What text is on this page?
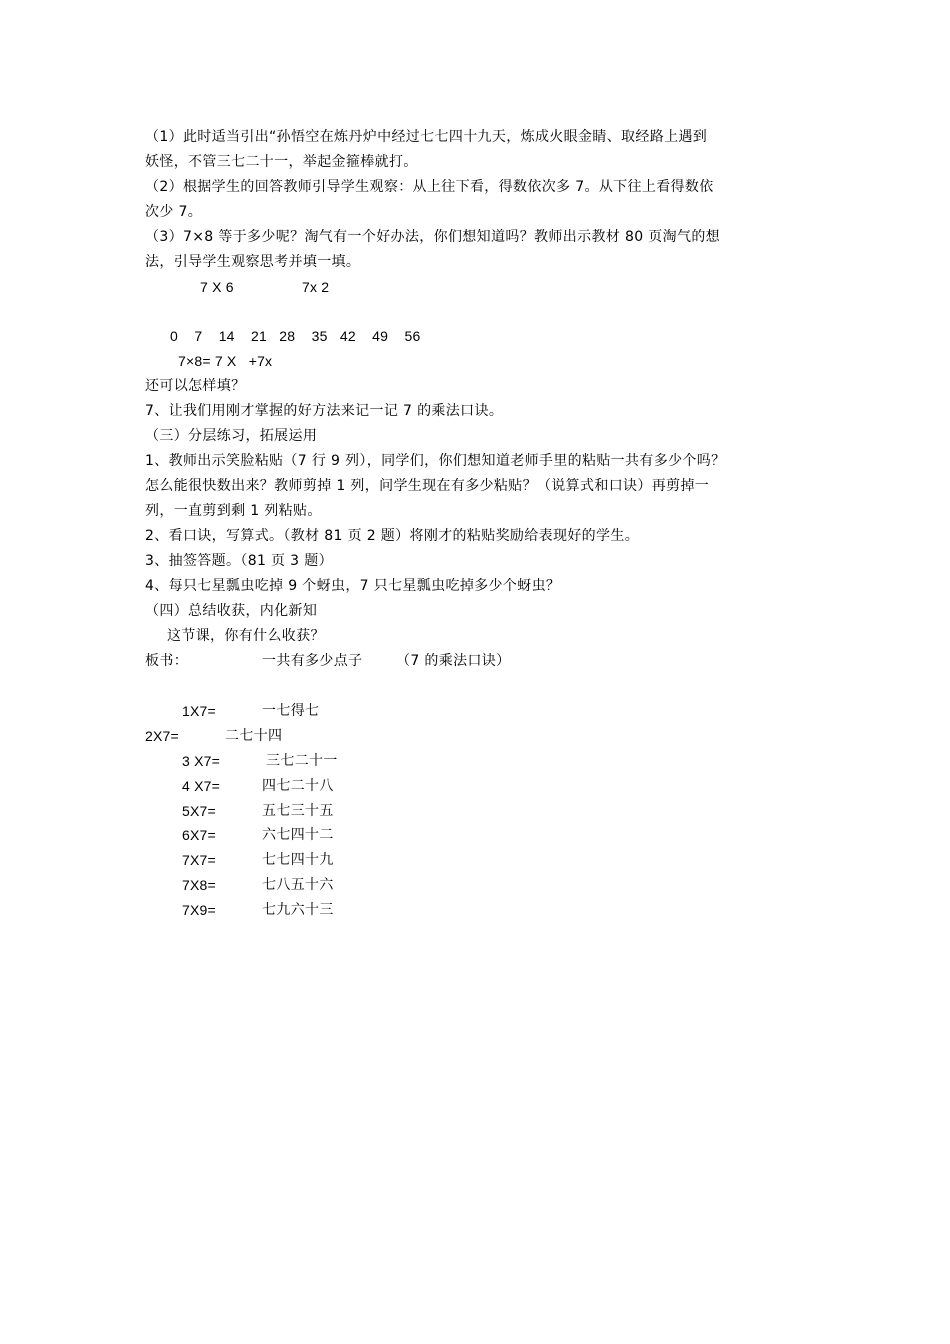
（1）此时适当引出“孙悟空在炼丹炉中经过七七四十九天，炼成火眼金睛、取经路上遇到
妖怪，不管三七二十一，举起金箍棒就打。
（2）根据学生的回答教师引导学生观察：从上往下看，得数依次多 7。从下往上看得数依
次少 7。
（3）7×8 等于多少呢？淘气有一个好办法，你们想知道吗？教师出示教材 80 页淘气的想
法，引导学生观察思考并填一填。
7 X 6	7x 2
0    7    14    21   28    35   42    49    56
7×8= 7 X   +7x
还可以怎样填？
7、让我们用刚才掌握的好方法来记一记 7 的乘法口诀。
（三）分层练习，拓展运用
1、教师出示笑脸粘贴（7 行 9 列），同学们，你们想知道老师手里的粘贴一共有多少个吗？
怎么能很快数出来？教师剪掉 1 列，问学生现在有多少粘贴？（说算式和口诀）再剪掉一
列，一直剪到剩 1 列粘贴。
2、看口诀，写算式。（教材 81 页 2 题）将刚才的粘贴奖励给表现好的学生。
3、抽签答题。（81 页 3 题）
4、每只七星瓢虫吃掉 9 个蚜虫，7 只七星瓢虫吃掉多少个蚜虫？
（四）总结收获，内化新知
这节课，你有什么收获？
板书：	一共有多少点子 （7 的乘法口诀）
1X7=	一七得七
2X7=	二七十四
3 X7=	三七二十一
4 X7=	四七二十八
5X7=	五七三十五
6X7=	六七四十二
7X7=	七七四十九
7X8=	七八五十六
7X9=	七九六十三
